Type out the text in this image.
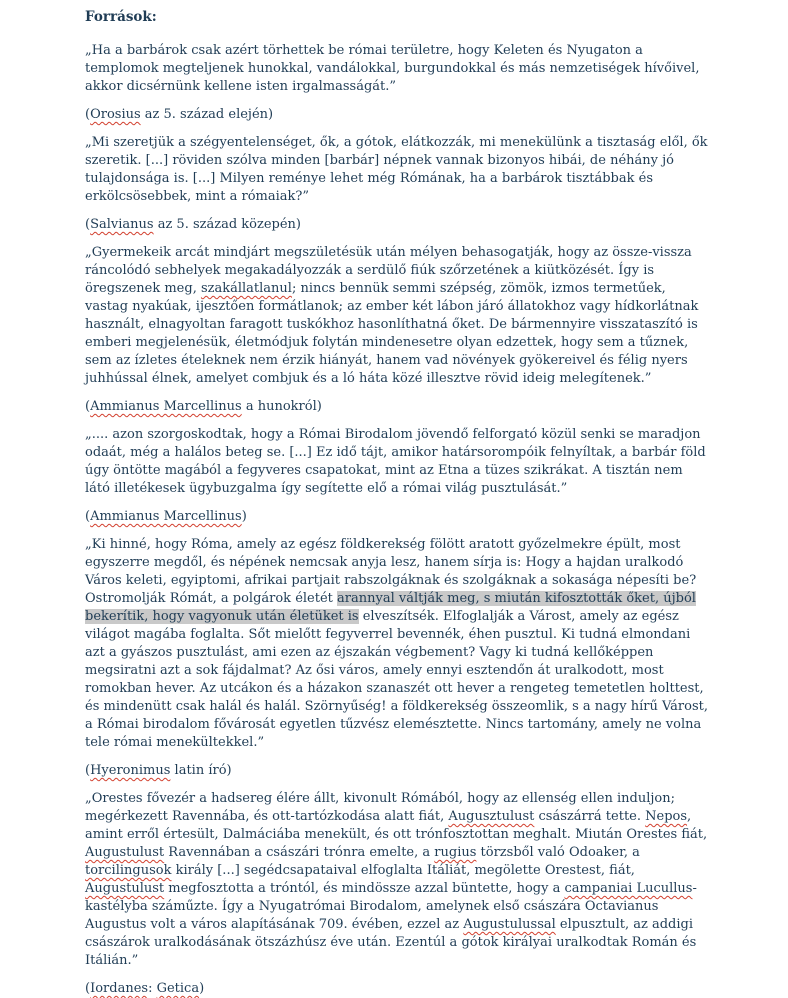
Források:

„Ha a barbárok csak azért törhettek be római területre, hogy Keleten és Nyugaton a templomok megteljenek hunokkal, vandálokkal, burgundokkal és más nemzetiségek hívőivel, akkor dicsérnünk kellene isten irgalmasságát.”

(Orosius az 5. század elején)

„Mi szeretjük a szégyentelenséget, ők, a gótok, elátkozzák, mi menekülünk a tisztaság elől, ők szeretik. [...] röviden szólva minden [barbár] népnek vannak bizonyos hibái, de néhány jó tulajdonsága is. [...] Milyen reménye lehet még Rómának, ha a barbárok tisztábbak és erkölcsösebbek, mint a rómaiak?”

(Salvianus az 5. század közepén)

„Gyermekeik arcát mindjárt megszületésük után mélyen behasogatják, hogy az össze-vissza ráncolódó sebhelyek megakadályozzák a serdülő fiúk szőrzetének a kiütközését. Így is öregszenek meg, szakállatlanul; nincs bennük semmi szépség, zömök, izmos termetűek, vastag nyakúak, ijesztően formátlanok; az ember két lábon járó állatokhoz vagy hídkorlátnak használt, elnagyoltan faragott tuskókhoz hasonlíthatná őket. De bármennyire visszataszító is emberi megjelenésük, életmódjuk folytán mindenesetre olyan edzettek, hogy sem a tűznek, sem az ízletes ételeknek nem érzik hiányát, hanem vad növények gyökereivel és félig nyers juhhússal élnek, amelyet combjuk és a ló háta közé illesztve rövid ideig melegítenek.”

(Ammianus Marcellinus a hunokról)

„.... azon szorgoskodtak, hogy a Római Birodalom jövendő felforgató közül senki se maradjon odaát, még a halálos beteg se. [...] Ez idő tájt, amikor határsorompóik felnyíltak, a barbár föld úgy öntötte magából a fegyveres csapatokat, mint az Etna a tüzes szikrákat. A tisztán nem látó illetékesek ügybuzgalma így segítette elő a római világ pusztulását.”

(Ammianus Marcellinus)

„Ki hinné, hogy Róma, amely az egész földkerekség fölött aratott győzelmekre épült, most egyszerre megdől, és népének nemcsak anyja lesz, hanem sírja is: Hogy a hajdan uralkodó Város keleti, egyiptomi, afrikai partjait rabszolgáknak és szolgáknak a sokasága népesíti be? Ostromolják Rómát, a polgárok életét arannyal váltják meg, s miután kifosztották őket, újból bekerítik, hogy vagyonuk után életüket is elveszítsék. Elfoglalják a Várost, amely az egész világot magába foglalta. Sőt mielőtt fegyverrel bevennék, éhen pusztul. Ki tudná elmondani azt a gyászos pusztulást, ami ezen az éjszakán végbement? Vagy ki tudná kellőképpen megsiratni azt a sok fájdalmat? Az ősi város, amely ennyi esztendőn át uralkodott, most romokban hever. Az utcákon és a házakon szanaszét ott hever a rengeteg temetetlen holttest, és mindenütt csak halál és halál. Szörnyűség! a földkerekség összeomlik, s a nagy hírű Várost, a Római birodalom fővárosát egyetlen tűzvész elemésztette. Nincs tartomány, amely ne volna tele római menekültekkel.”

(Hyeronimus latin író)

„Orestes fővezér a hadsereg élére állt, kivonult Rómából, hogy az ellenség ellen induljon; megérkezett Ravennába, és ott-tartózkodása alatt fiát, Augusztulust császárrá tette. Nepos, amint erről értesült, Dalmáciába menekült, és ott trónfosztottan meghalt. Miután Orestes fiát, Augustulust Ravennában a császári trónra emelte, a rugius törzsből való Odoaker, a torcilingusok király [...] segédcsapataival elfoglalta Itáliát, megölette Orestest, fiát, Augustulust megfosztotta a tróntól, és mindössze azzal büntette, hogy a campaniai Lucullus-kastélyba száműzte. Így a Nyugatrómai Birodalom, amelynek első császára Octavianus Augustus volt a város alapításának 709. évében, ezzel az Augustulussal elpusztult, az addigi császárok uralkodásának ötszázhúsz éve után. Ezentúl a gótok királyai uralkodtak Román és Itálián.”

(Iordanes: Getica)
